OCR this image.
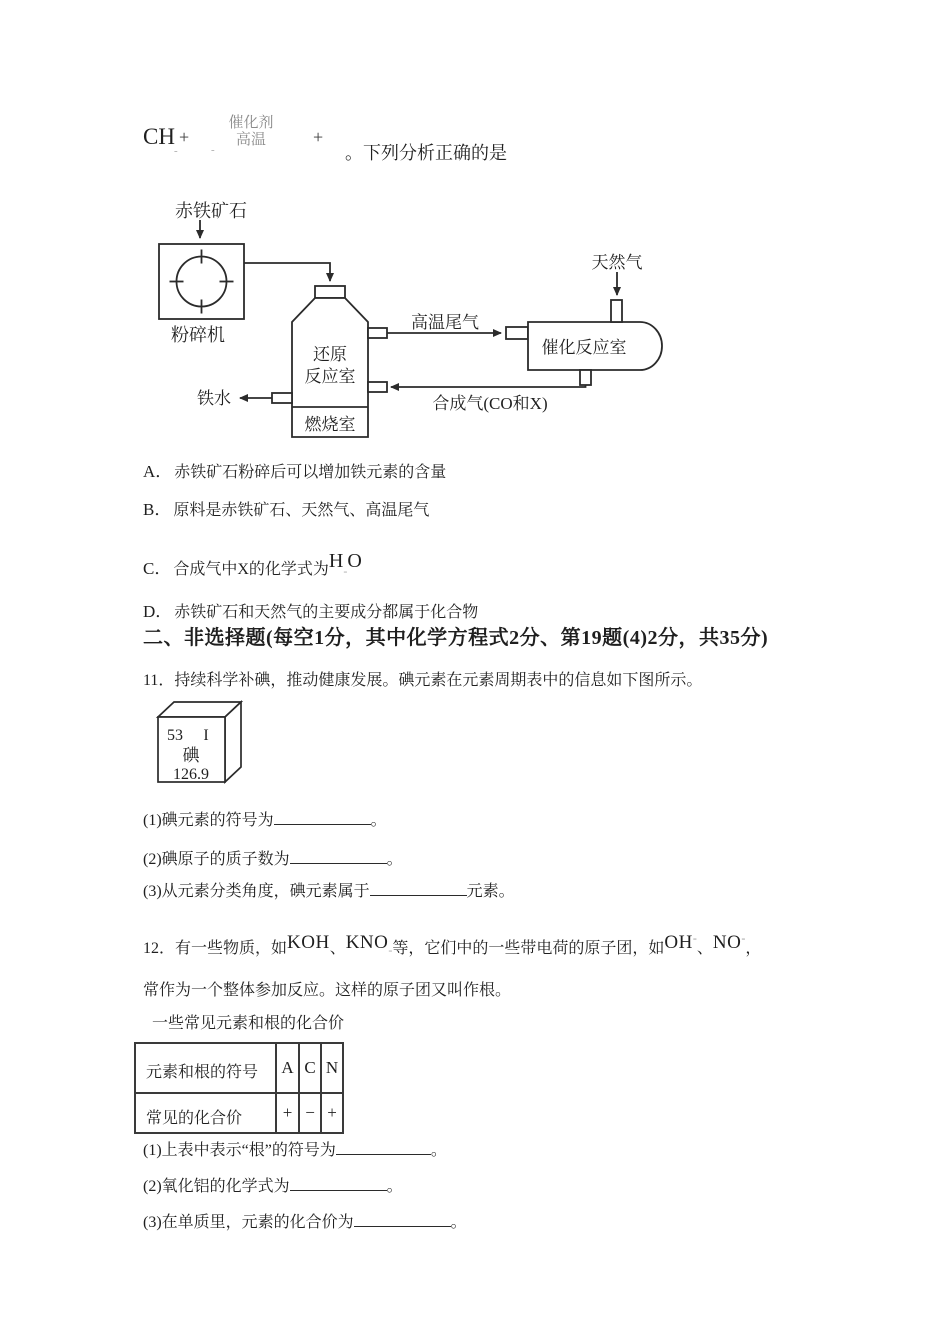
CH
-
+
催化剂
高温
-
+
。下列分析正确的是
赤铁矿石
粉碎机
还原
反应室
燃烧室
高温尾气
催化反应室
天然气
合成气(CO和X)
铁水
A． 赤铁矿石粉碎后可以增加铁元素的含量
B． 原料是赤铁矿石、天然气、高温尾气
C． 合成气中X的化学式为H-O
D． 赤铁矿石和天然气的主要成分都属于化合物
二、非选择题(每空1分，其中化学方程式2分、第19题(4)2分，共35分)
11．持续科学补碘，推动健康发展。碘元素在元素周期表中的信息如下图所示。
53 I
碘
126.9
(1)碘元素的符号为	。
(2)碘原子的质子数为	。
(3)从元素分类角度，碘元素属于	元素。
12．有一些物质，如KOH、KNO-等，它们中的一些带电荷的原子团，如OH-、NO-，
常作为一个整体参加反应。这样的原子团又叫作根。
一些常见元素和根的化合价
元素和根的符号	A C N
常见的化合价	+ − +
(1)上表中表示“根”的符号为	。
(2)氧化铝的化学式为	。
(3)在单质里，元素的化合价为	。
